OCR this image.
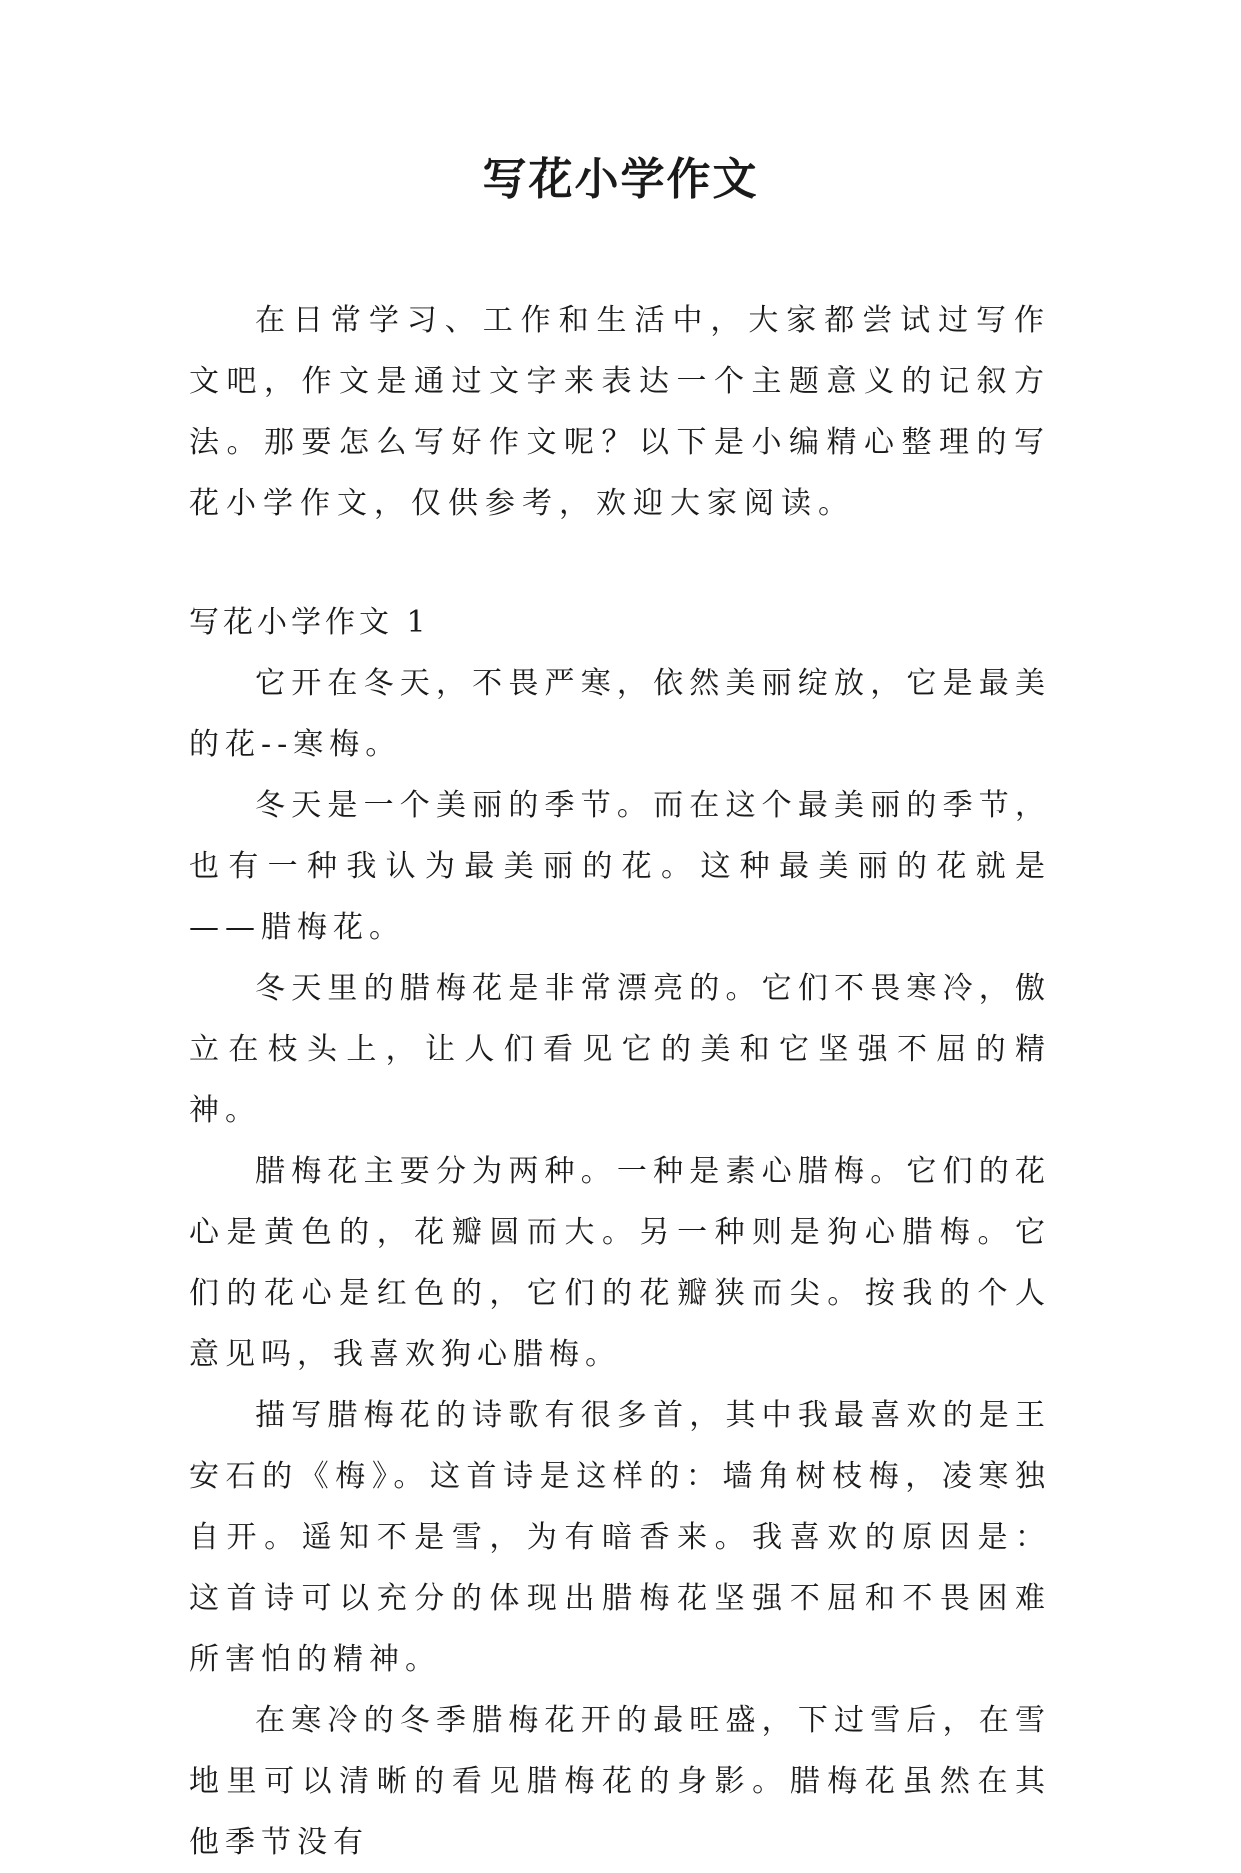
写花小学作文

在日常学习、工作和生活中，大家都尝试过写作文吧，作文是通过文字来表达一个主题意义的记叙方法。那要怎么写好作文呢？以下是小编精心整理的写花小学作文，仅供参考，欢迎大家阅读。

写花小学作文 1

它开在冬天，不畏严寒，依然美丽绽放，它是最美的花--寒梅。

冬天是一个美丽的季节。而在这个最美丽的季节，也有一种我认为最美丽的花。这种最美丽的花就是——腊梅花。

冬天里的腊梅花是非常漂亮的。它们不畏寒冷，傲立在枝头上，让人们看见它的美和它坚强不屈的精神。

腊梅花主要分为两种。一种是素心腊梅。它们的花心是黄色的，花瓣圆而大。另一种则是狗心腊梅。它们的花心是红色的，它们的花瓣狭而尖。按我的个人意见吗，我喜欢狗心腊梅。

描写腊梅花的诗歌有很多首，其中我最喜欢的是王安石的《梅》。这首诗是这样的：墙角树枝梅，凌寒独自开。遥知不是雪，为有暗香来。我喜欢的原因是：这首诗可以充分的体现出腊梅花坚强不屈和不畏困难所害怕的精神。

在寒冷的冬季腊梅花开的最旺盛，下过雪后，在雪地里可以清晰的看见腊梅花的身影。腊梅花虽然在其他季节没有
